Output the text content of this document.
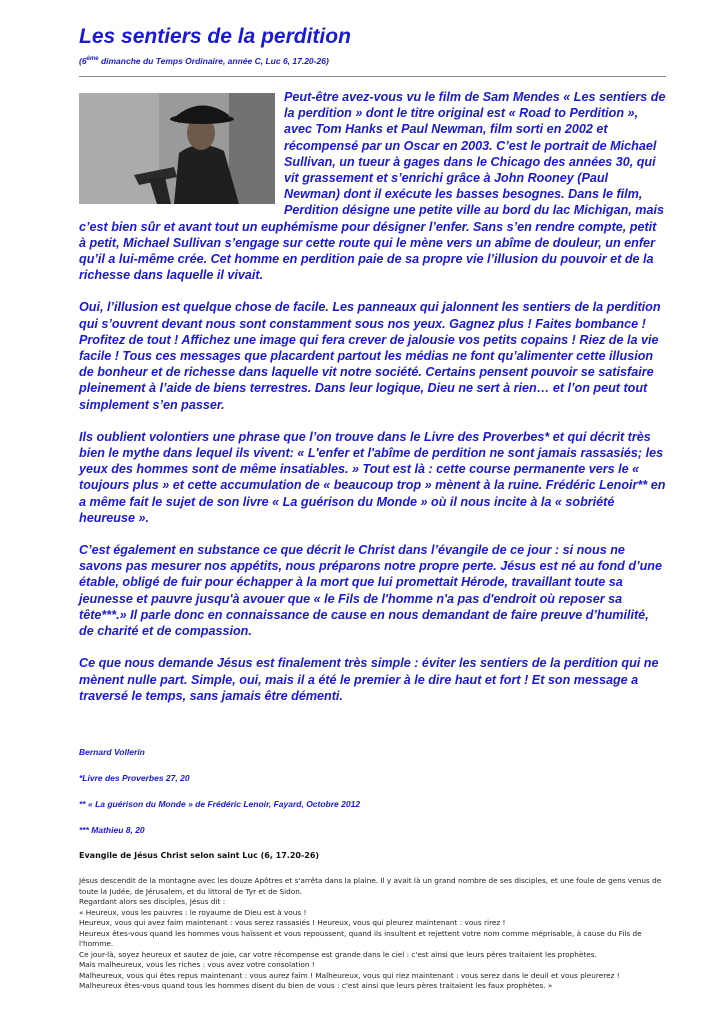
Les sentiers de la perdition
(6ème dimanche du Temps Ordinaire, année C, Luc 6, 17.20-26)

Peut-être avez-vous vu le film de Sam Mendes « Les sentiers de la perdition » dont le titre original est « Road to Perdition », avec Tom Hanks et Paul Newman, film sorti en 2002 et récompensé par un Oscar en 2003. C’est le portrait de Michael Sullivan, un tueur à gages dans le Chicago des années 30, qui vit grassement et s’enrichi grâce à John Rooney (Paul Newman) dont il exécute les basses besognes. Dans le film, Perdition désigne une petite ville au bord du lac Michigan, mais c’est bien sûr et avant tout un euphémisme pour désigner l’enfer. Sans s’en rendre compte, petit à petit, Michael Sullivan s’engage sur cette route qui le mène vers un abîme de douleur, un enfer qu’il a lui-même crée. Cet homme en perdition paie de sa propre vie l’illusion du pouvoir et de la richesse dans laquelle il vivait.

Oui, l’illusion est quelque chose de facile. Les panneaux qui jalonnent les sentiers de la perdition qui s’ouvrent devant nous sont constamment sous nos yeux. Gagnez plus ! Faites bombance ! Profitez de tout ! Affichez une image qui fera crever de jalousie vos petits copains ! Riez de la vie facile ! Tous ces messages que placardent partout les médias ne font qu’alimenter cette illusion de bonheur et de richesse dans laquelle vit notre société. Certains pensent pouvoir se satisfaire pleinement à l’aide de biens terrestres. Dans leur logique, Dieu ne sert à rien… et l’on peut tout simplement s’en passer.

Ils oublient volontiers une phrase que l’on trouve dans le Livre des Proverbes* et qui décrit très bien le mythe dans lequel ils vivent: « L'enfer et l'abîme de perdition ne sont jamais rassasiés; les yeux des hommes sont de même insatiables. » Tout est là : cette course permanente vers le « toujours plus » et cette accumulation de « beaucoup trop » mènent à la ruine. Frédéric Lenoir** en a même fait le sujet de son livre « La guérison du Monde » où il nous incite à la « sobriété heureuse ».

C’est également en substance ce que décrit le Christ dans l’évangile de ce jour : si nous ne savons pas mesurer nos appétits, nous préparons notre propre perte. Jésus est né au fond d’une étable, obligé de fuir pour échapper à la mort que lui promettait Hérode, travaillant toute sa jeunesse et pauvre jusqu'à avouer que « le Fils de l'homme n'a pas d'endroit où reposer sa tête***.» Il parle donc en connaissance de cause en nous demandant de faire preuve d’humilité, de charité et de compassion.

Ce que nous demande Jésus est finalement très simple : éviter les sentiers de la perdition qui ne mènent nulle part. Simple, oui, mais il a été le premier à le dire haut et fort ! Et son message a traversé le temps, sans jamais être démenti.

Bernard Vollerin

*Livre des Proverbes 27, 20

** « La guérison du Monde » de Frédéric Lenoir, Fayard, Octobre 2012

*** Mathieu 8, 20

Evangile de Jésus Christ selon saint Luc (6, 17.20-26)
Jésus descendit de la montagne avec les douze Apôtres et s'arrêta dans la plaine. Il y avait là un grand nombre de ses disciples, et une foule de gens venus de toute la Judée, de Jérusalem, et du littoral de Tyr et de Sidon.
Regardant alors ses disciples, Jésus dit :
« Heureux, vous les pauvres : le royaume de Dieu est à vous !
Heureux, vous qui avez faim maintenant : vous serez rassasiés ! Heureux, vous qui pleurez maintenant : vous rirez !
Heureux êtes-vous quand les hommes vous haïssent et vous repoussent, quand ils insultent et rejettent votre nom comme méprisable, à cause du Fils de l'homme.
Ce jour-là, soyez heureux et sautez de joie, car votre récompense est grande dans le ciel : c'est ainsi que leurs pères traitaient les prophètes.
Mais malheureux, vous les riches : vous avez votre consolation !
Malheureux, vous qui êtes repus maintenant : vous aurez faim ! Malheureux, vous qui riez maintenant : vous serez dans le deuil et vous pleurerez !
Malheureux êtes-vous quand tous les hommes disent du bien de vous : c'est ainsi que leurs pères traitaient les faux prophètes. »
